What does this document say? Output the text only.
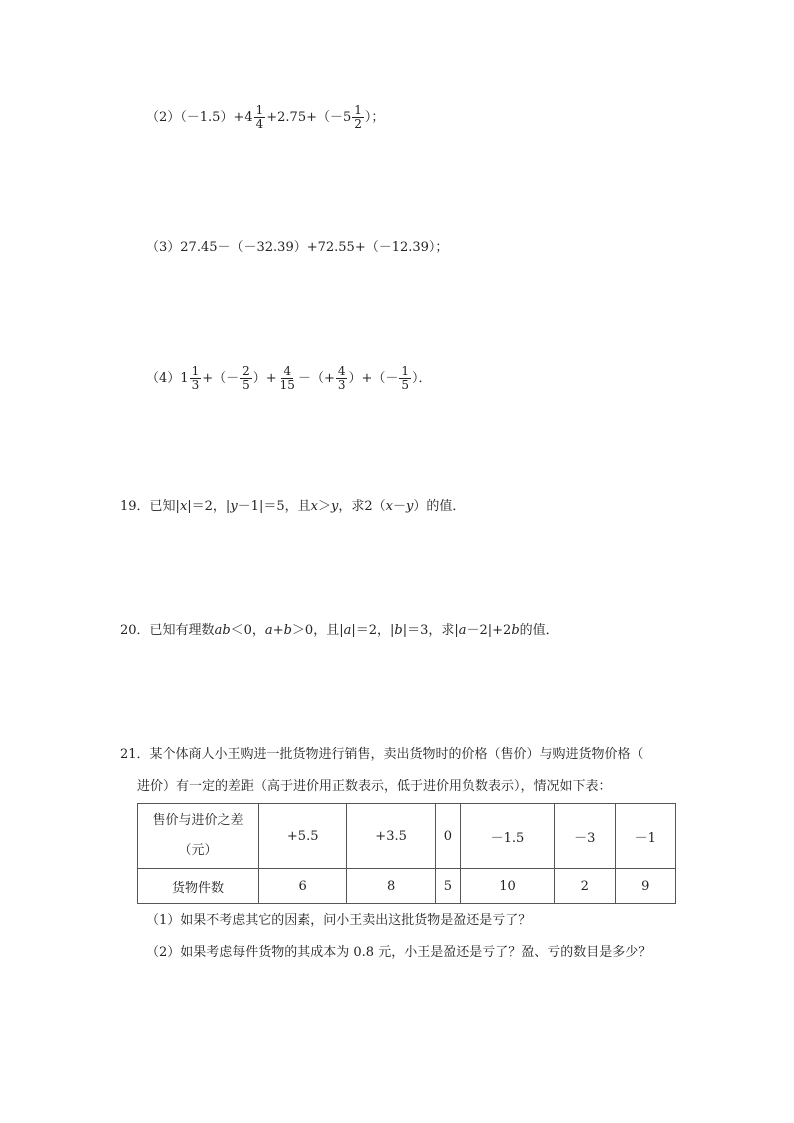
$(2)(-1.5)+4 \frac{1}{4} +2.75+(-5 \frac{1}{2}$ ）；
（3）27.45－（－32.39）+72.55+（－12.39）；
$(4)1 \frac{1}{3}$ +（－ $\frac{2}{5}$ ）+ $\frac{4}{15}$ －（+ $\frac{4}{3}$ ）+（－ $\frac{1}{5}$ ）．
19．已知|x|＝2，|y－1|＝5，且x＞y，求2（x－y）的值．
20．已知有理数ab＜0，a+b＞0，且|a|＝2，|b|＝3，求|a－2|+2b的值．
21．某个体商人小王购进一批货物进行销售，卖出货物时的价格（售价）与购进货物价格（
进价）有一定的差距（高于进价用正数表示，低于进价用负数表示），情况如下表：
售价与进价之差
（元）	+5.5	+3.5	0	－1.5	－3	－1
货物件数	6	8	5	10	2	9
（1）如果不考虑其它的因素，问小王卖出这批货物是盈还是亏了？
（2）如果考虑每件货物的其成本为 0.8 元，小王是盈还是亏了？盈、亏的数目是多少？
